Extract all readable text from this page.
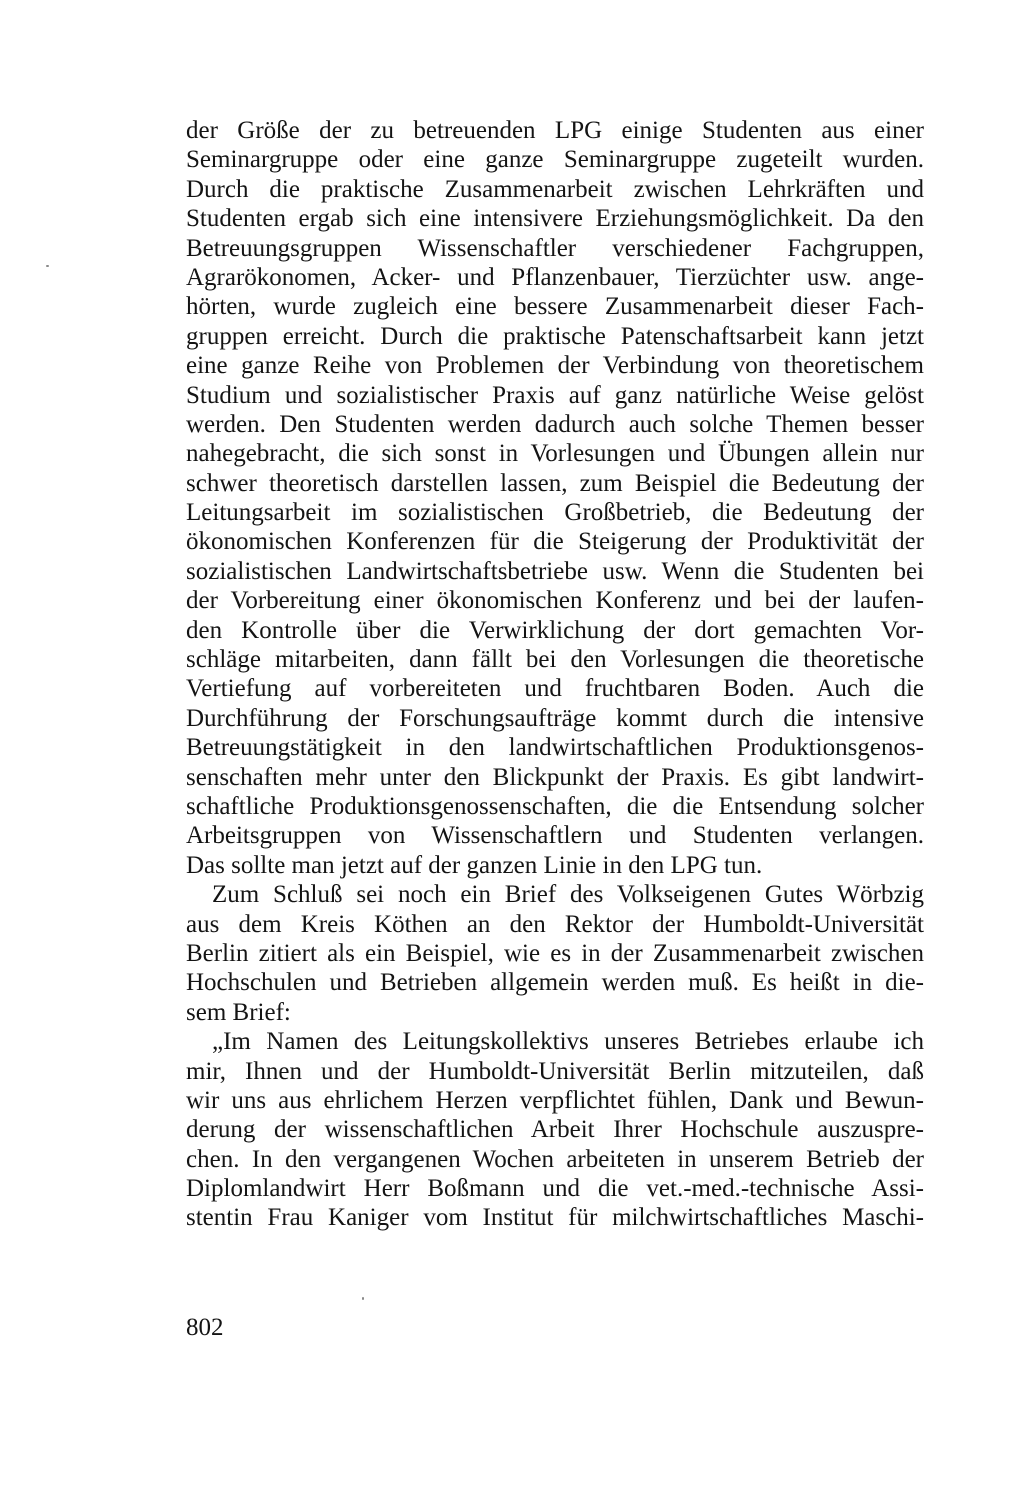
der Größe der zu betreuenden LPG einige Studenten aus einer
Seminargruppe oder eine ganze Seminargruppe zugeteilt wurden.
Durch die praktische Zusammenarbeit zwischen Lehrkräften und
Studenten ergab sich eine intensivere Erziehungsmöglichkeit. Da den
Betreuungsgruppen Wissenschaftler verschiedener Fachgruppen,
Agrarökonomen, Acker- und Pflanzenbauer, Tierzüchter usw. ange-
hörten, wurde zugleich eine bessere Zusammenarbeit dieser Fach-
gruppen erreicht. Durch die praktische Patenschaftsarbeit kann jetzt
eine ganze Reihe von Problemen der Verbindung von theoretischem
Studium und sozialistischer Praxis auf ganz natürliche Weise gelöst
werden. Den Studenten werden dadurch auch solche Themen besser
nahegebracht, die sich sonst in Vorlesungen und Übungen allein nur
schwer theoretisch darstellen lassen, zum Beispiel die Bedeutung der
Leitungsarbeit im sozialistischen Großbetrieb, die Bedeutung der
ökonomischen Konferenzen für die Steigerung der Produktivität der
sozialistischen Landwirtschaftsbetriebe usw. Wenn die Studenten bei
der Vorbereitung einer ökonomischen Konferenz und bei der laufen-
den Kontrolle über die Verwirklichung der dort gemachten Vor-
schläge mitarbeiten, dann fällt bei den Vorlesungen die theoretische
Vertiefung auf vorbereiteten und fruchtbaren Boden. Auch die
Durchführung der Forschungsaufträge kommt durch die intensive
Betreuungstätigkeit in den landwirtschaftlichen Produktionsgenos-
senschaften mehr unter den Blickpunkt der Praxis. Es gibt landwirt-
schaftliche Produktionsgenossenschaften, die die Entsendung solcher
Arbeitsgruppen von Wissenschaftlern und Studenten verlangen.
Das sollte man jetzt auf der ganzen Linie in den LPG tun.
Zum Schluß sei noch ein Brief des Volkseigenen Gutes Wörbzig
aus dem Kreis Köthen an den Rektor der Humboldt-Universität
Berlin zitiert als ein Beispiel, wie es in der Zusammenarbeit zwischen
Hochschulen und Betrieben allgemein werden muß. Es heißt in die-
sem Brief:
„Im Namen des Leitungskollektivs unseres Betriebes erlaube ich
mir, Ihnen und der Humboldt-Universität Berlin mitzuteilen, daß
wir uns aus ehrlichem Herzen verpflichtet fühlen, Dank und Bewun-
derung der wissenschaftlichen Arbeit Ihrer Hochschule auszuspre-
chen. In den vergangenen Wochen arbeiteten in unserem Betrieb der
Diplomlandwirt Herr Boßmann und die vet.-med.-technische Assi-
stentin Frau Kaniger vom Institut für milchwirtschaftliches Maschi-
802
